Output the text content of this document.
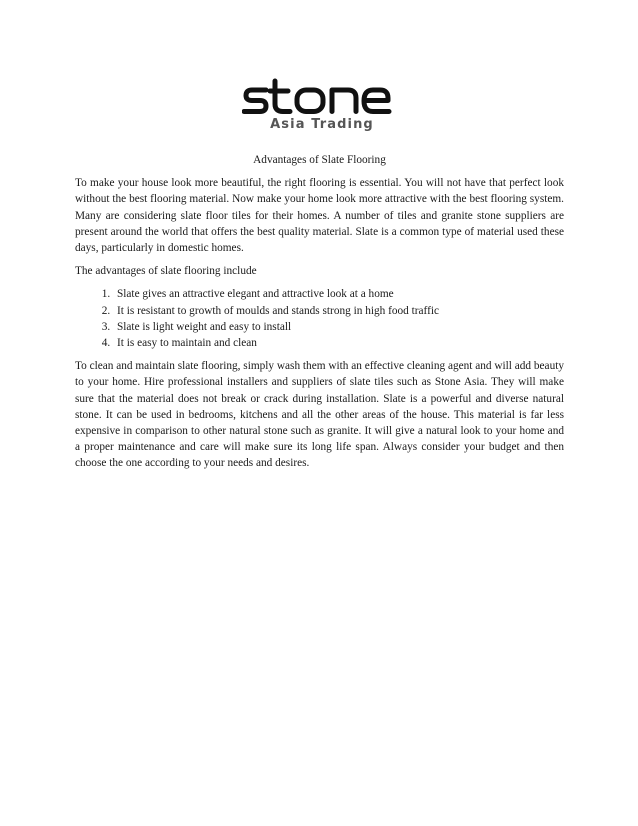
Asia Trading
Advantages of Slate Flooring

To make your house look more beautiful, the right flooring is essential. You will not have that perfect look without the best flooring material. Now make your home look more attractive with the best flooring system. Many are considering slate floor tiles for their homes. A number of tiles and granite stone suppliers are present around the world that offers the best quality material. Slate is a common type of material used these days, particularly in domestic homes.

The advantages of slate flooring include

1. Slate gives an attractive elegant and attractive look at a home
2. It is resistant to growth of moulds and stands strong in high food traffic
3. Slate is light weight and easy to install
4. It is easy to maintain and clean

To clean and maintain slate flooring, simply wash them with an effective cleaning agent and will add beauty to your home. Hire professional installers and suppliers of slate tiles such as Stone Asia. They will make sure that the material does not break or crack during installation. Slate is a powerful and diverse natural stone. It can be used in bedrooms, kitchens and all the other areas of the house. This material is far less expensive in comparison to other natural stone such as granite. It will give a natural look to your home and a proper maintenance and care will make sure its long life span. Always consider your budget and then choose the one according to your needs and desires.
